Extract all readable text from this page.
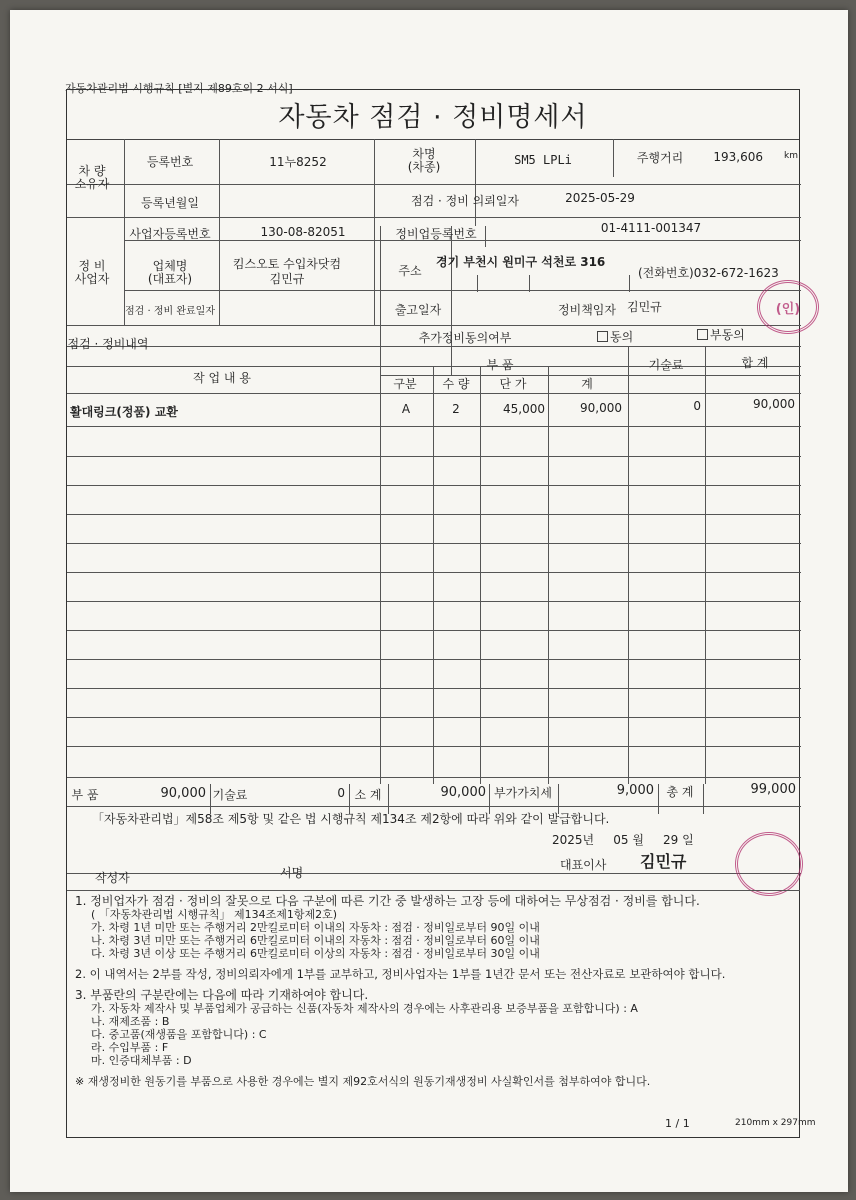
자동차관리법 시행규칙 [별지 제89호의 2 서식]
자동차 점검 · 정비명세서
차 량
소유자
등록번호	11누8252
차명
(차종)
SM5 LPLi	주행거리	193,606 km
등록년월일	점검 · 정비 의뢰일자	2025-05-29
정 비
사업자
사업자등록번호	130-08-82051	정비업등록번호	01-4111-001347
업체명
(대표자)
킴스오토 수입차닷컴
김민규
주소
경기 부천시 원미구 석천로 316
(전화번호)032-672-1623
점검 · 정비 완료일자	출고일자	정비책임자 김민규	(인)
점검 · 정비내역	추가정비동의여부	동의	부동의
작 업 내 용
부 품	기술료	합 계
구분 수 량	단 가	계
활대링크(정품) 교환	A	2	45,000	90,000	0	90,000
부 품	90,000 기술료	0 소 계	90,000 부가가치세	9,000 총 계	99,000
「자동차관리법」제58조 제5항 및 같은 법 시행규칙 제134조 제2항에 따라 위와 같이 발급합니다.
2025년 05 월 29 일
작성자	서명
대표이사 김민규
1. 정비업자가 점검 · 정비의 잘못으로 다음 구분에 따른 기간 중 발생하는 고장 등에 대하여는 무상점검 · 정비를 합니다.
( 「자동차관리법 시행규칙」 제134조제1항제2호)
가. 차령 1년 미만 또는 주행거리 2만킬로미터 이내의 자동차 : 점검 · 정비일로부터 90일 이내
나. 차령 3년 미만 또는 주행거리 6만킬로미터 이내의 자동차 : 점검 · 정비일로부터 60일 이내
다. 차령 3년 이상 또는 주행거리 6만킬로미터 이상의 자동차 : 점검 · 정비일로부터 30일 이내
2. 이 내역서는 2부를 작성, 정비의뢰자에게 1부를 교부하고, 정비사업자는 1부를 1년간 문서 또는 전산자료로 보관하여야 합니다.
3. 부품란의 구분란에는 다음에 따라 기재하여야 합니다.
가. 자동차 제작사 및 부품업체가 공급하는 신품(자동차 제작사의 경우에는 사후관리용 보증부품을 포함합니다) : A
나. 재제조품 : B
다. 중고품(재생품을 포함합니다) : C
라. 수입부품 : F
마. 인증대체부품 : D
※ 재생정비한 원동기를 부품으로 사용한 경우에는 별지 제92호서식의 원동기재생정비 사실확인서를 첨부하여야 합니다.
1 / 1	210mm x 297mm
